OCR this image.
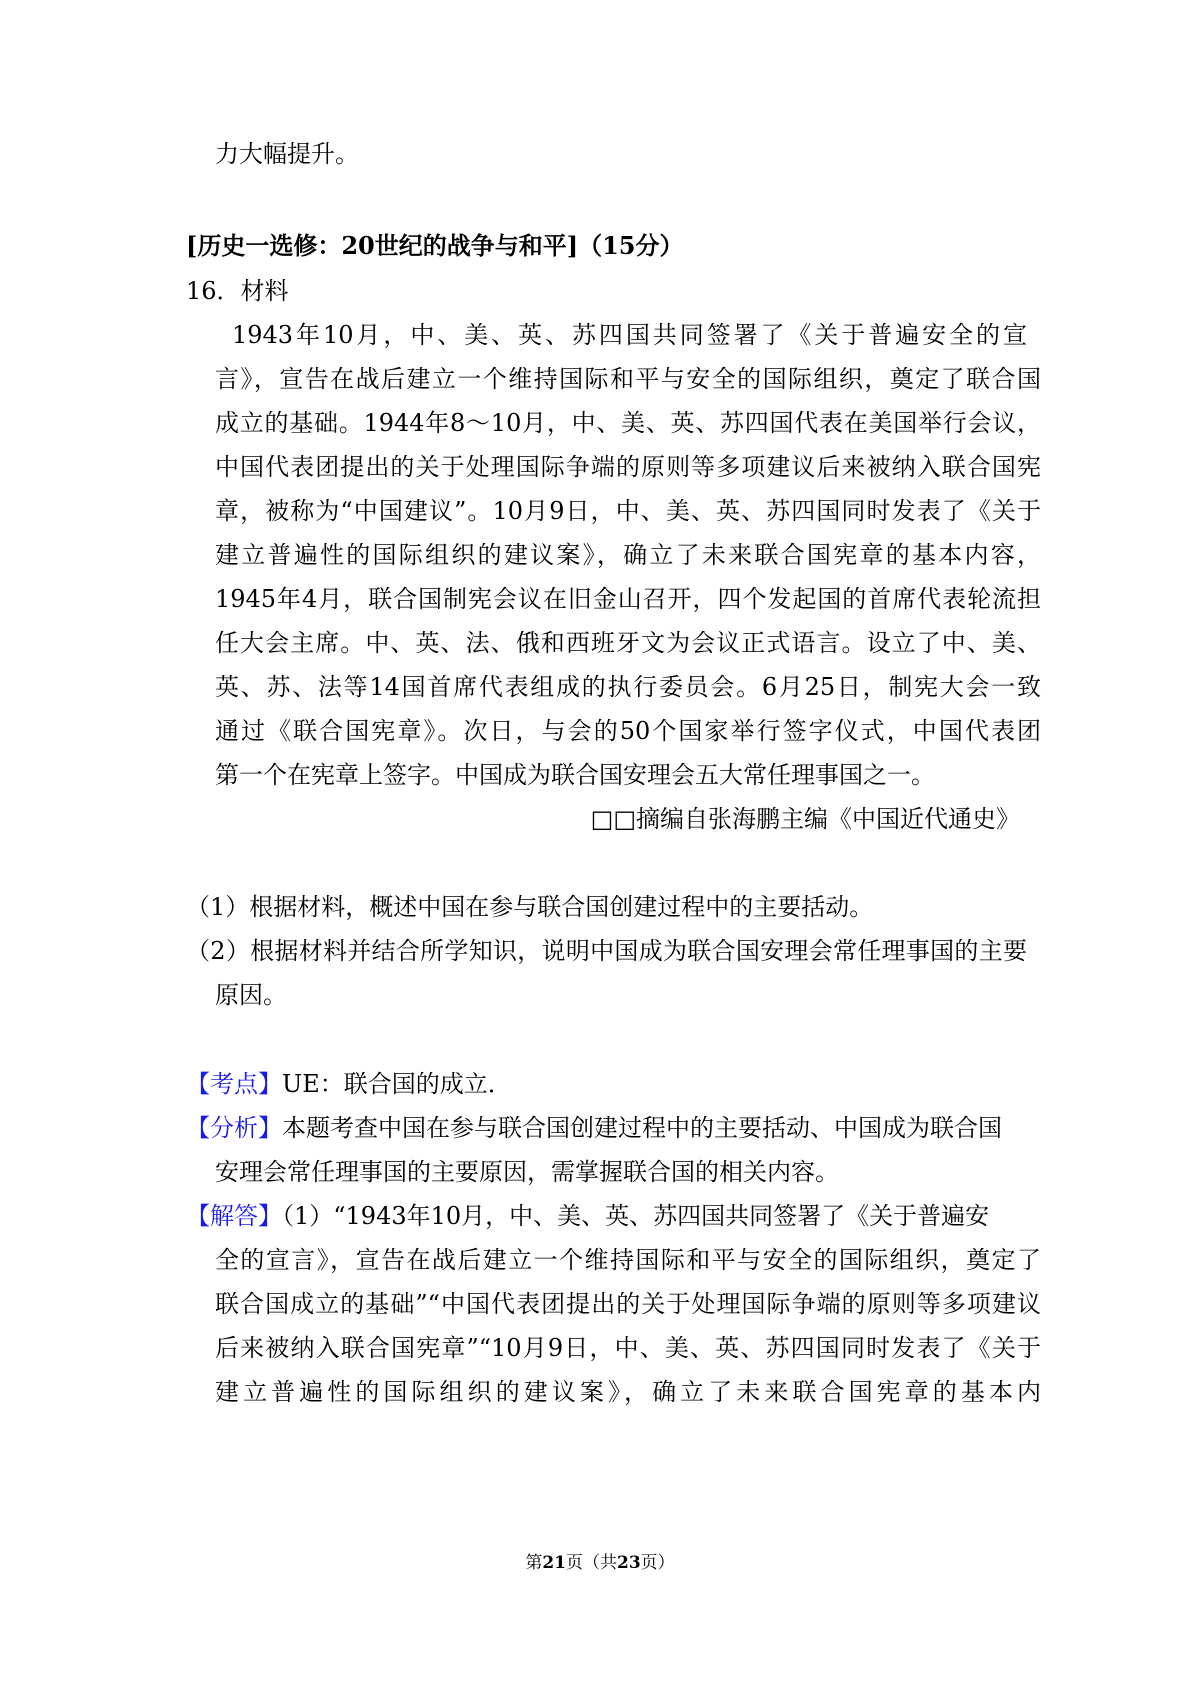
力大幅提升。
[历史一选修：20世纪的战争与和平]（15分）
16．材料
1943年10月，中、美、英、苏四国共同签署了《关于普遍安全的宣
言》，宣告在战后建立一个维持国际和平与安全的国际组织，奠定了联合国
成立的基础。1944年8～10月，中、美、英、苏四国代表在美国举行会议，
中国代表团提出的关于处理国际争端的原则等多项建议后来被纳入联合国宪
章，被称为“中国建议”。10月9日，中、美、英、苏四国同时发表了《关于
建立普遍性的国际组织的建议案》，确立了未来联合国宪章的基本内容，
1945年4月，联合国制宪会议在旧金山召开，四个发起国的首席代表轮流担
任大会主席。中、英、法、俄和西班牙文为会议正式语言。设立了中、美、
英、苏、法等14国首席代表组成的执行委员会。6月25日，制宪大会一致
通过《联合国宪章》。次日，与会的50个国家举行签字仪式，中国代表团
第一个在宪章上签字。中国成为联合国安理会五大常任理事国之一。
□□摘编自张海鹏主编《中国近代通史》
（1）根据材料，概述中国在参与联合国创建过程中的主要括动。
（2）根据材料并结合所学知识，说明中国成为联合国安理会常任理事国的主要
原因。
【考点】UE：联合国的成立．
【分析】本题考查中国在参与联合国创建过程中的主要括动、中国成为联合国
安理会常任理事国的主要原因，需掌握联合国的相关内容。
【解答】（1）“1943年10月，中、美、英、苏四国共同签署了《关于普遍安
全的宣言》，宣告在战后建立一个维持国际和平与安全的国际组织，奠定了
联合国成立的基础”“中国代表团提出的关于处理国际争端的原则等多项建议
后来被纳入联合国宪章”“10月9日，中、美、英、苏四国同时发表了《关于
建立普遍性的国际组织的建议案》，确立了未来联合国宪章的基本内
第21页（共23页）
